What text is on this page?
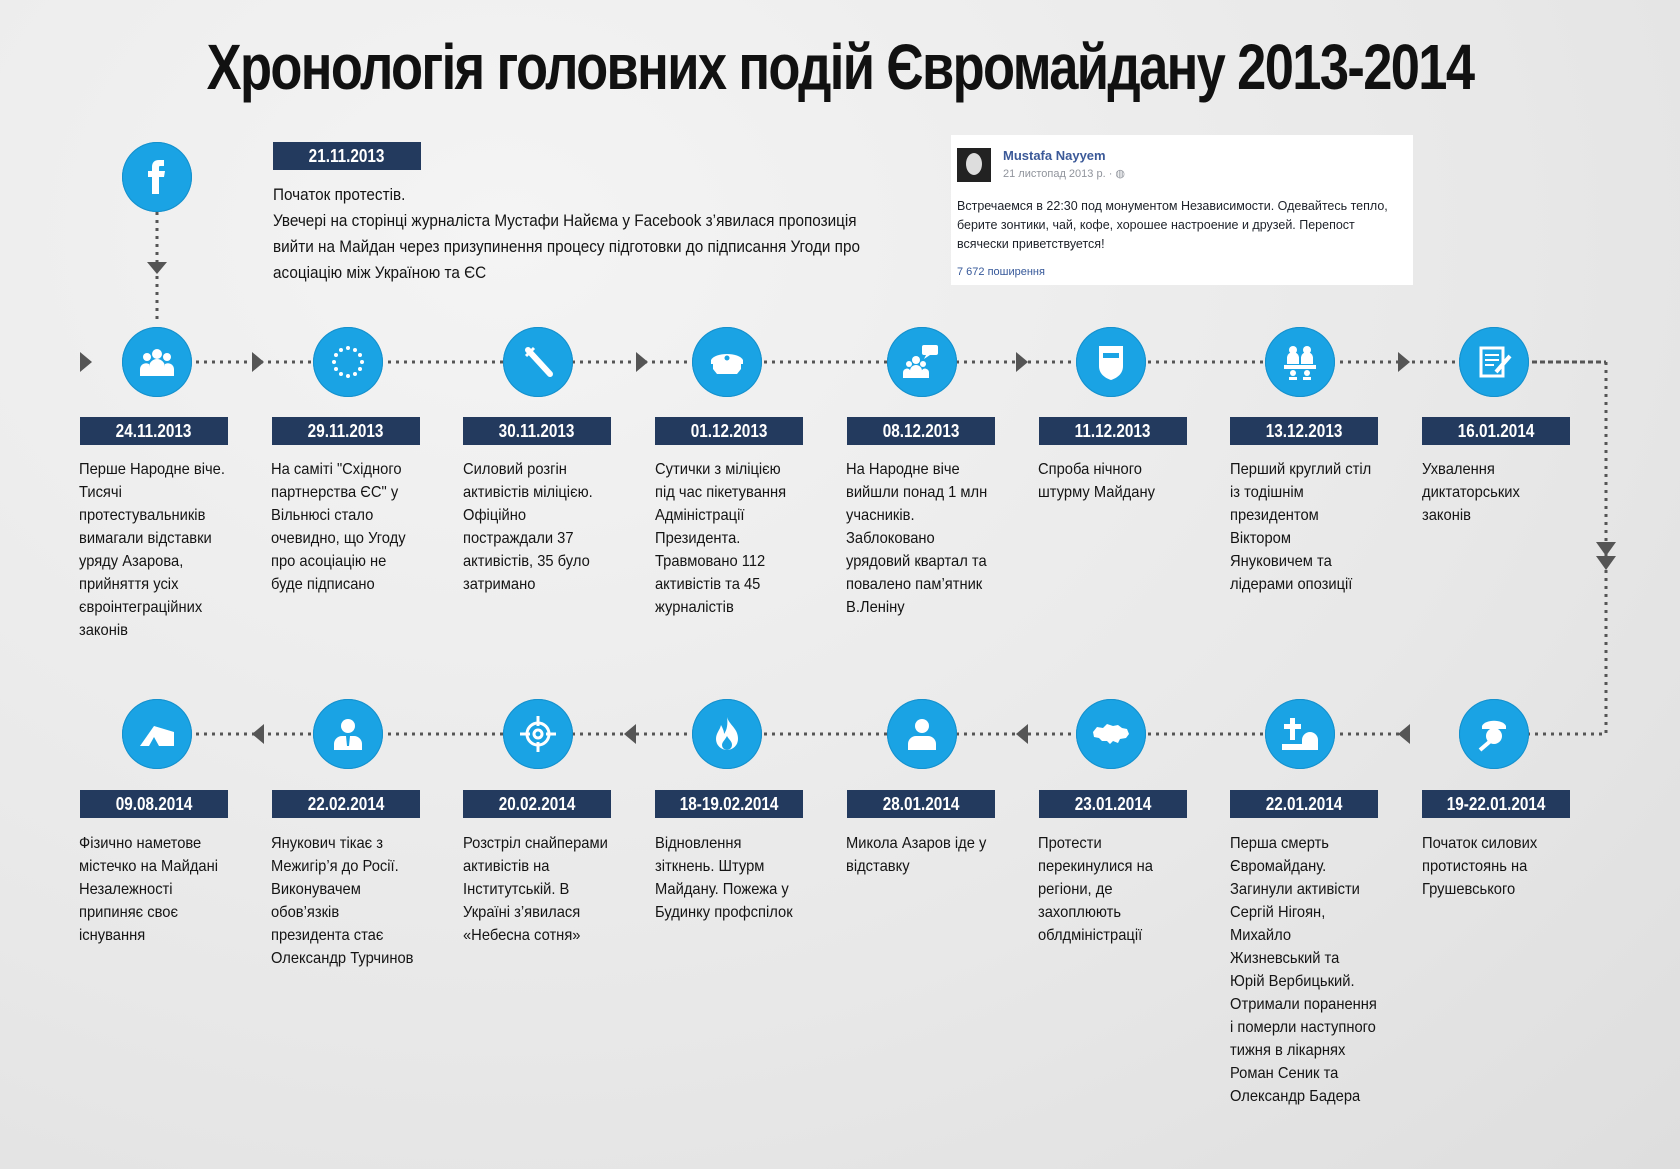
Хронологія головних подій Євромайдану 2013-2014
21.11.2013
Початок протестів.
Увечері на сторінці журналіста Мустафи Найєма у Facebook з’явилася пропозиція вийти на Майдан через призупинення процесу підготовки до підписання Угоди про асоціацію між Україною та ЄС
Mustafa Nayyem
21 листопад 2013 р. · ◍
Встречаемся в 22:30 под монументом Независимости. Одевайтесь тепло, берите зонтики, чай, кофе, хорошее настроение и друзей. Перепост всячески приветствуется!
7 672 поширення
24.11.2013
Перше Народне віче. Тисячі протестувальників вимагали відставки уряду Азарова, прийняття усіх євроінтеграційних законів
29.11.2013
На саміті "Східного партнерства ЄС" у Вільнюсі стало очевидно, що Угоду про асоціацію не буде підписано
30.11.2013
Силовий розгін активістів міліцією. Офіційно постраждали 37 активістів, 35 було затримано
01.12.2013
Сутички з міліцією під час пікетування Адміністрації Президента. Травмовано 112 активістів та 45 журналістів
08.12.2013
На Народне віче вийшли понад 1 млн учасників. Заблоковано урядовий квартал та повалено пам’ятник В.Леніну
11.12.2013
Спроба нічного штурму Майдану
13.12.2013
Перший круглий стіл із тодішнім президентом Віктором Януковичем та лідерами опозиції
16.01.2014
Ухвалення диктаторських законів
09.08.2014
Фізично наметове містечко на Майдані Незалежності припиняє своє існування
22.02.2014
Янукович тікає з Межигір’я до Росії. Виконувачем обов’язків президента стає Олександр Турчинов
20.02.2014
Розстріл снайперами активістів на Інститутській. В Україні з’явилася «Небесна сотня»
18-19.02.2014
Відновлення зіткнень. Штурм Майдану. Пожежа у Будинку профспілок
28.01.2014
Микола Азаров іде у відставку
23.01.2014
Протести перекинулися на регіони, де захоплюють облдміністрації
22.01.2014
Перша смерть Євромайдану. Загинули активісти Сергій Нігоян, Михайло Жизневський та Юрій Вербицький. Отримали поранення і померли наступного тижня в лікарнях Роман Сеник та Олександр Бадера
19-22.01.2014
Початок силових протистоянь на Грушевського
